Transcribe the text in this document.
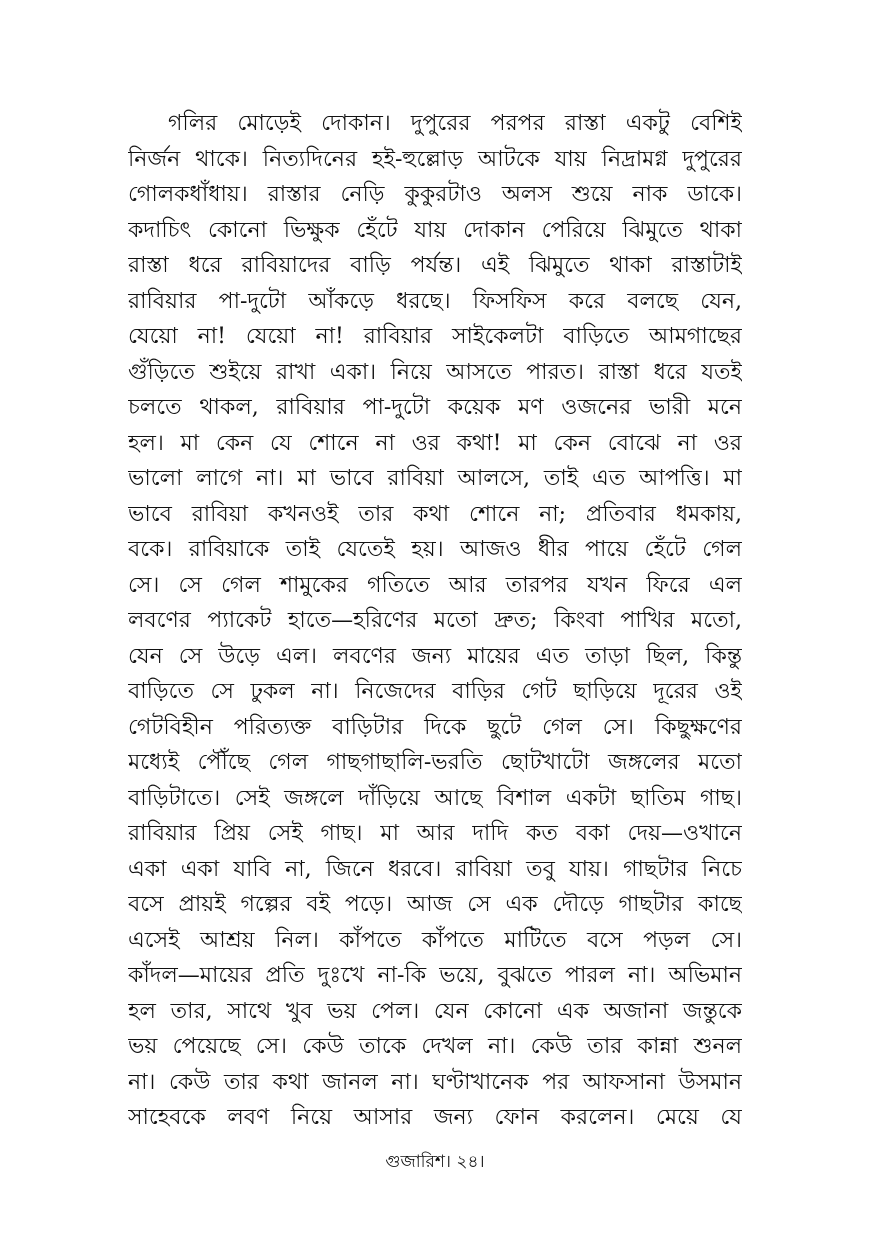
গলির মোড়েই দোকান। দুপুরের পরপর রাস্তা একটু বেশিই
নির্জন থাকে। নিত্যদিনের হই-হুল্লোড় আটকে যায় নিদ্রামগ্ন দুপুরের
গোলকধাঁধায়। রাস্তার নেড়ি কুকুরটাও অলস শুয়ে নাক ডাকে।
কদাচিৎ কোনো ভিক্ষুক হেঁটে যায় দোকান পেরিয়ে ঝিমুতে থাকা
রাস্তা ধরে রাবিয়াদের বাড়ি পর্যন্ত। এই ঝিমুতে থাকা রাস্তাটাই
রাবিয়ার পা-দুটো আঁকড়ে ধরছে। ফিসফিস করে বলছে যেন,
যেয়ো না! যেয়ো না! রাবিয়ার সাইকেলটা বাড়িতে আমগাছের
গুঁড়িতে শুইয়ে রাখা একা। নিয়ে আসতে পারত। রাস্তা ধরে যতই
চলতে থাকল, রাবিয়ার পা-দুটো কয়েক মণ ওজনের ভারী মনে
হল। মা কেন যে শোনে না ওর কথা! মা কেন বোঝে না ওর
ভালো লাগে না। মা ভাবে রাবিয়া আলসে, তাই এত আপত্তি। মা
ভাবে রাবিয়া কখনওই তার কথা শোনে না; প্রতিবার ধমকায়,
বকে। রাবিয়াকে তাই যেতেই হয়। আজও ধীর পায়ে হেঁটে গেল
সে। সে গেল শামুকের গতিতে আর তারপর যখন ফিরে এল
লবণের প্যাকেট হাতে—হরিণের মতো দ্রুত; কিংবা পাখির মতো,
যেন সে উড়ে এল। লবণের জন্য মায়ের এত তাড়া ছিল, কিন্তু
বাড়িতে সে ঢুকল না। নিজেদের বাড়ির গেট ছাড়িয়ে দূরের ওই
গেটবিহীন পরিত্যক্ত বাড়িটার দিকে ছুটে গেল সে। কিছুক্ষণের
মধ্যেই পৌঁছে গেল গাছগাছালি-ভরতি ছোটখাটো জঙ্গলের মতো
বাড়িটাতে। সেই জঙ্গলে দাঁড়িয়ে আছে বিশাল একটা ছাতিম গাছ।
রাবিয়ার প্রিয় সেই গাছ। মা আর দাদি কত বকা দেয়—ওখানে
একা একা যাবি না, জিনে ধরবে। রাবিয়া তবু যায়। গাছটার নিচে
বসে প্রায়ই গল্পের বই পড়ে। আজ সে এক দৌড়ে গাছটার কাছে
এসেই আশ্রয় নিল। কাঁপতে কাঁপতে মাটিতে বসে পড়ল সে।
কাঁদল—মায়ের প্রতি দুঃখে না-কি ভয়ে, বুঝতে পারল না। অভিমান
হল তার, সাথে খুব ভয় পেল। যেন কোনো এক অজানা জন্তুকে
ভয় পেয়েছে সে। কেউ তাকে দেখল না। কেউ তার কান্না শুনল
না। কেউ তার কথা জানল না। ঘণ্টাখানেক পর আফসানা উসমান
সাহেবকে লবণ নিয়ে আসার জন্য ফোন করলেন। মেয়ে যে
গুজারিশ। ২৪।
